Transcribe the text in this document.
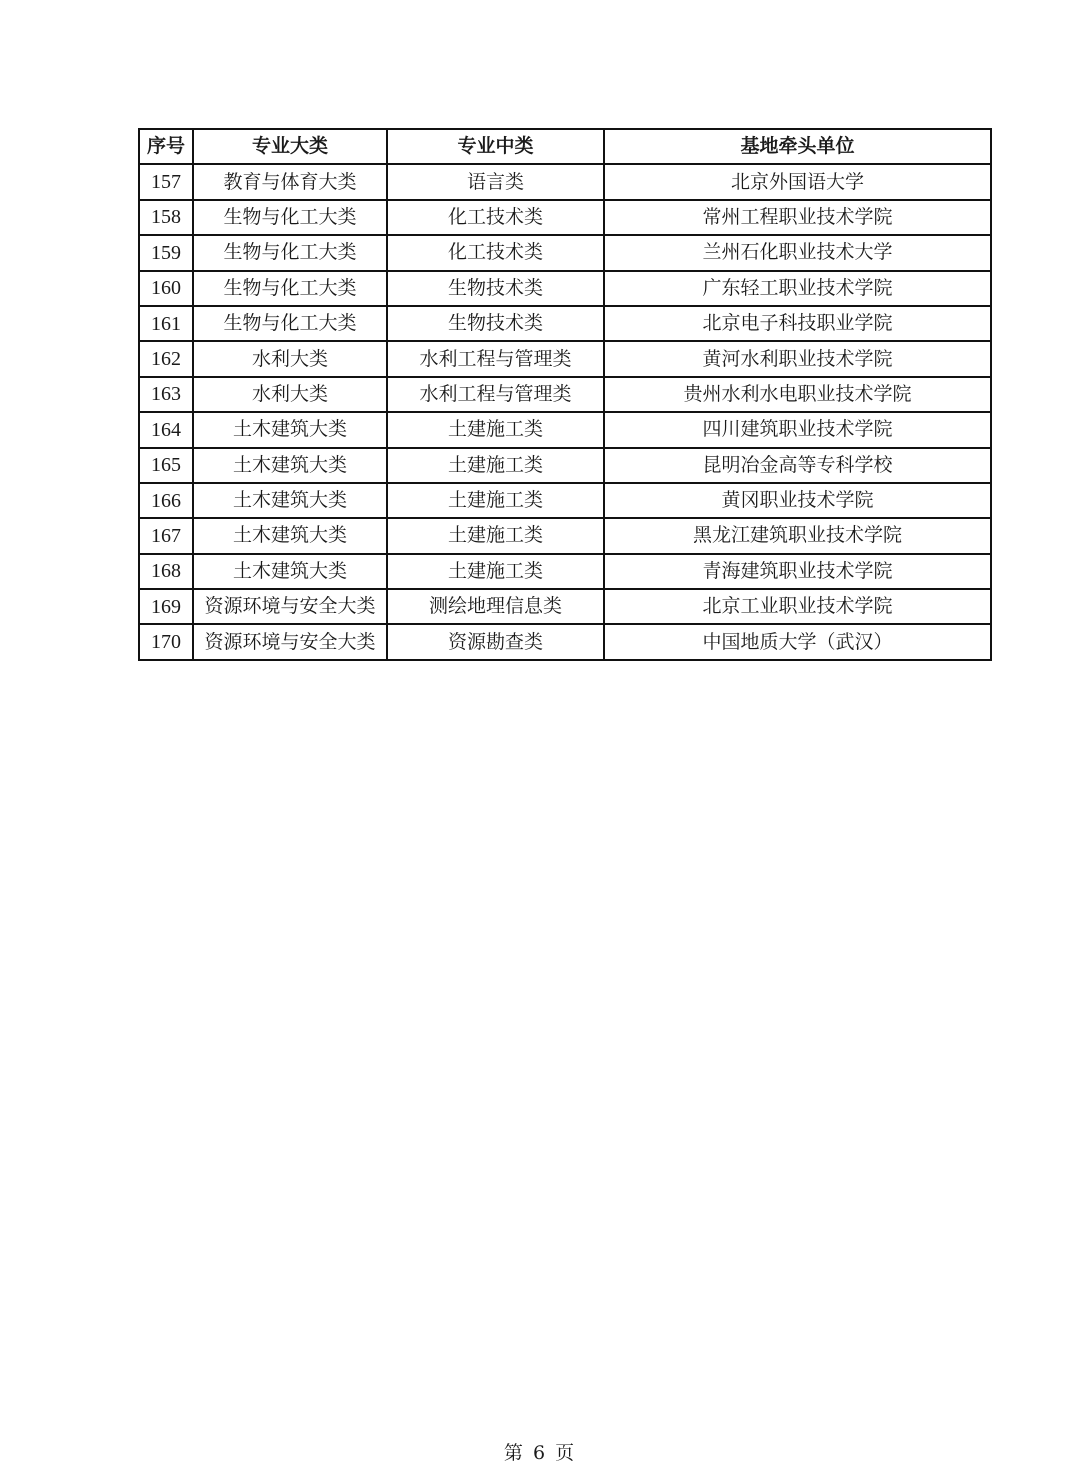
序号	专业大类	专业中类	基地牵头单位
157	教育与体育大类	语言类	北京外国语大学
158	生物与化工大类	化工技术类	常州工程职业技术学院
159	生物与化工大类	化工技术类	兰州石化职业技术大学
160	生物与化工大类	生物技术类	广东轻工职业技术学院
161	生物与化工大类	生物技术类	北京电子科技职业学院
162	水利大类	水利工程与管理类	黄河水利职业技术学院
163	水利大类	水利工程与管理类	贵州水利水电职业技术学院
164	土木建筑大类	土建施工类	四川建筑职业技术学院
165	土木建筑大类	土建施工类	昆明冶金高等专科学校
166	土木建筑大类	土建施工类	黄冈职业技术学院
167	土木建筑大类	土建施工类	黑龙江建筑职业技术学院
168	土木建筑大类	土建施工类	青海建筑职业技术学院
169	资源环境与安全大类	测绘地理信息类	北京工业职业技术学院
170	资源环境与安全大类	资源勘查类	中国地质大学（武汉）
第 6 页
